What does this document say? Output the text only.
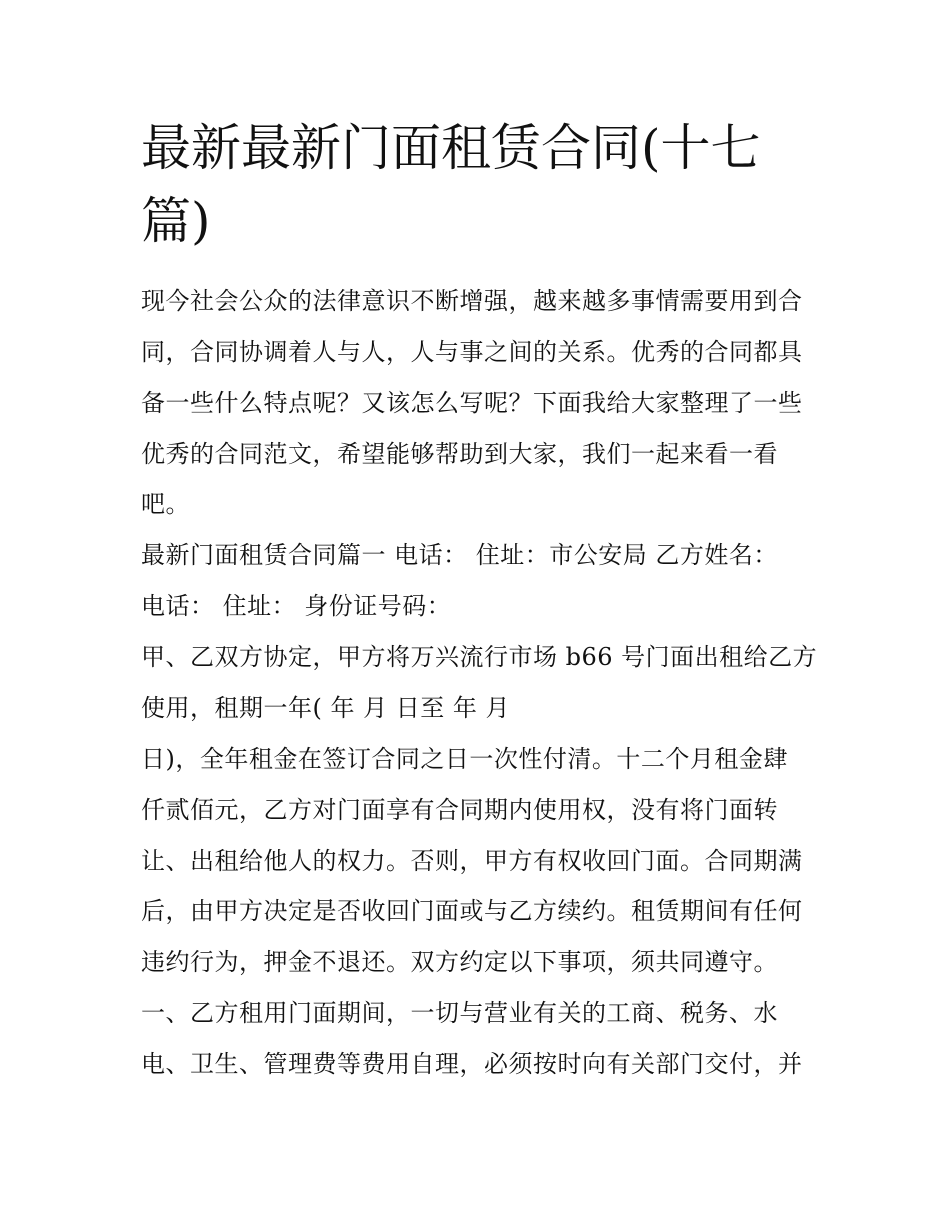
最新最新门面租赁合同(十七
篇)

现今社会公众的法律意识不断增强，越来越多事情需要用到合

同，合同协调着人与人，人与事之间的关系。优秀的合同都具

备一些什么特点呢？又该怎么写呢？下面我给大家整理了一些

优秀的合同范文，希望能够帮助到大家，我们一起来看一看

吧。

最新门面租赁合同篇一 电话： 住址：市公安局 乙方姓名：

电话： 住址： 身份证号码：

甲、乙双方协定，甲方将万兴流行市场 b66 号门面出租给乙方

使用，租期一年( 年 月 日至 年 月

日)，全年租金在签订合同之日一次性付清。十二个月租金肆

仟贰佰元，乙方对门面享有合同期内使用权，没有将门面转

让、出租给他人的权力。否则，甲方有权收回门面。合同期满

后，由甲方决定是否收回门面或与乙方续约。租赁期间有任何

违约行为，押金不退还。双方约定以下事项，须共同遵守。

一、乙方租用门面期间，一切与营业有关的工商、税务、水

电、卫生、管理费等费用自理，必须按时向有关部门交付，并
